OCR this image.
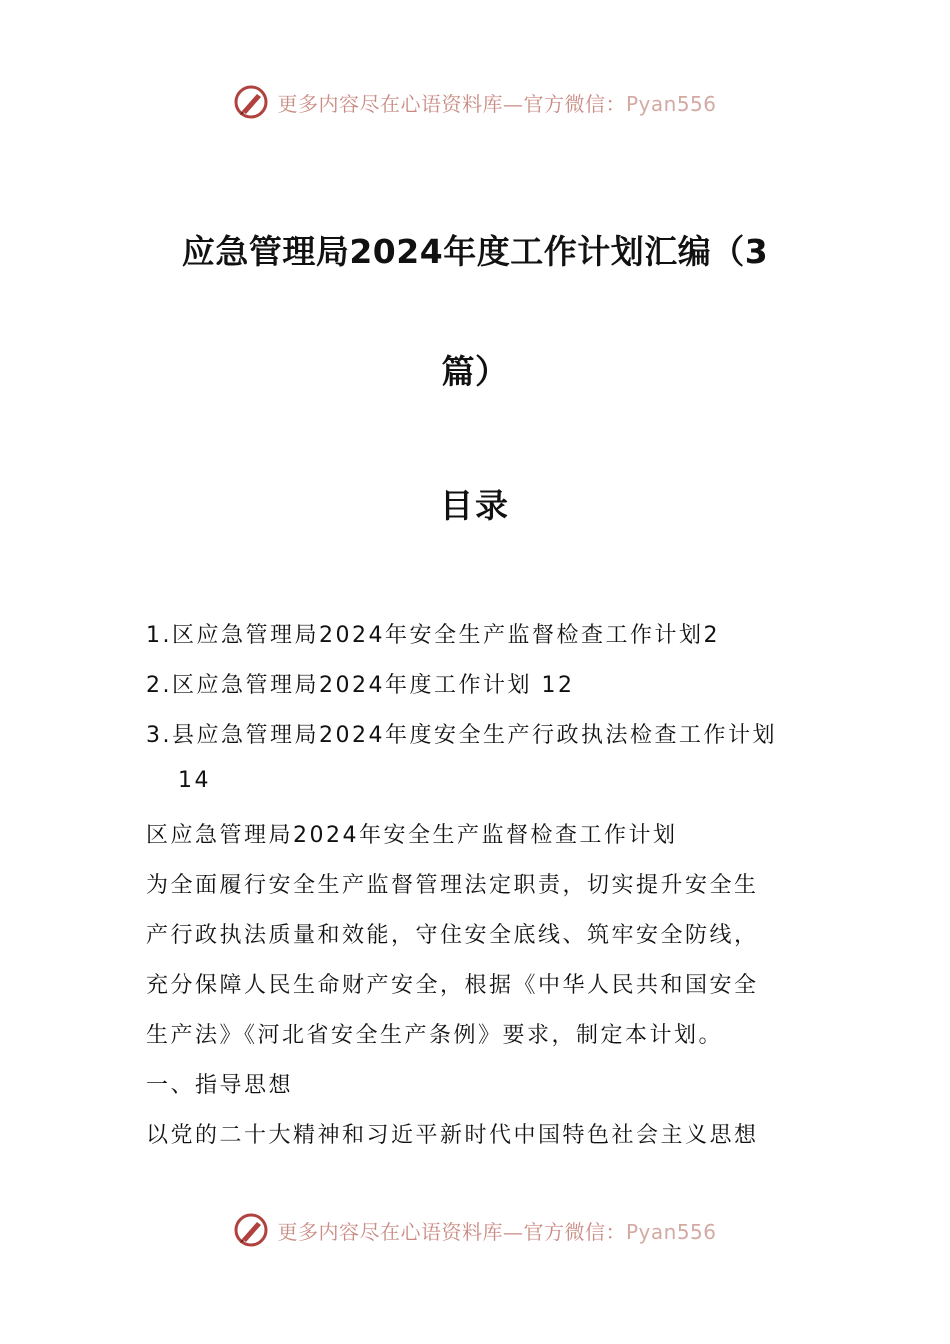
更多内容尽在心语资料库—官方微信：Pyan556
应急管理局2024年度工作计划汇编（3
篇）
目录

1.区应急管理局2024年安全生产监督检查工作计划2

2.区应急管理局2024年度工作计划 12

3.县应急管理局2024年度安全生产行政执法检查工作计划

14

区应急管理局2024年安全生产监督检查工作计划

为全面履行安全生产监督管理法定职责，切实提升安全生

产行政执法质量和效能，守住安全底线、筑牢安全防线，

充分保障人民生命财产安全，根据《中华人民共和国安全

生产法》《河北省安全生产条例》要求，制定本计划。

一、指导思想

以党的二十大精神和习近平新时代中国特色社会主义思想

更多内容尽在心语资料库—官方微信：Pyan556
